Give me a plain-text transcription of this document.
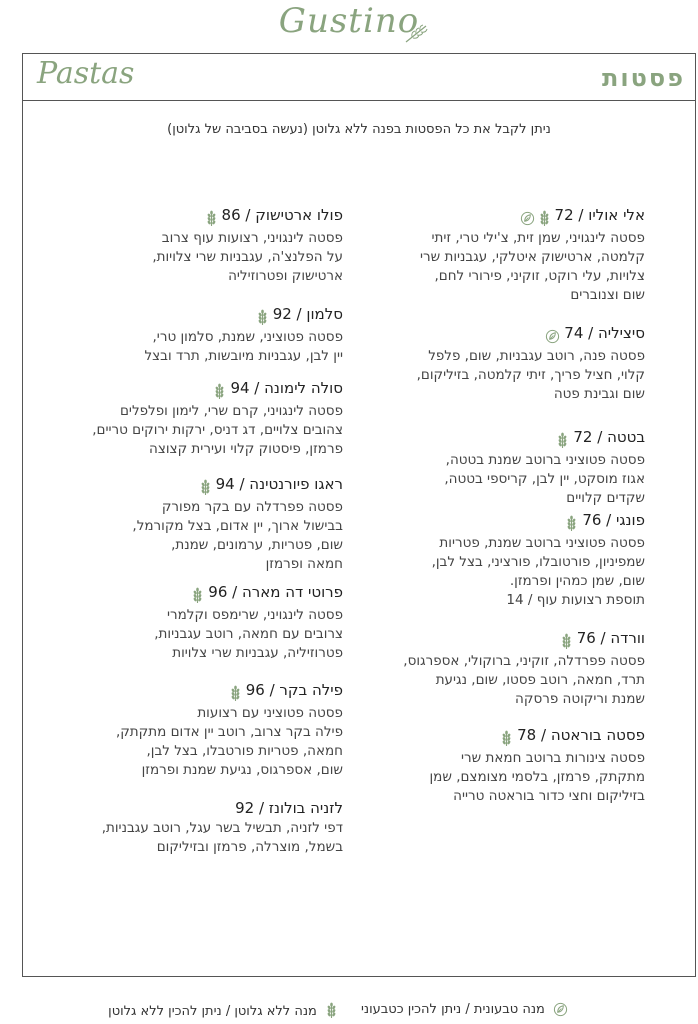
Gustino
Pastas	פסטות
ניתן לקבל את כל הפסטות בפנה ללא גלוטן (נעשה בסביבה של גלוטן)
אלי אוליו / 72
פסטה לינגויני, שמן זית, צ'ילי טרי, זיתי
קלמטה, ארטישוק איטלקי, עגבניות שרי
צלויות, עלי רוקט, זוקיני, פירורי לחם,
שום וצנוברים
סיציליה / 74
פסטה פנה, רוטב עגבניות, שום, פלפל
קלוי, חציל פריך, זיתי קלמטה, בזיליקום,
שום וגבינת פטה
בטטה / 72
פסטה פטוציני ברוטב שמנת בטטה,
אגוז מוסקט, יין לבן, קריספי בטטה,
שקדים קלויים
פונגי / 76
פסטה פטוציני ברוטב שמנת, פטריות
שמפיניון, פורטובלו, פורציני, בצל לבן,
שום, שמן כמהין ופרמזן.
תוספת רצועות עוף / 14
וורדה / 76
פסטה פפרדלה, זוקיני, ברוקולי, אספרגוס,
תרד, חמאה, רוטב פסטו, שום, נגיעת
שמנת וריקוטה פרסקה
פסטה בוראטה / 78
פסטה צינורות ברוטב חמאת שרי
מתקתק, פרמזן, בלסמי מצומצם, שמן
בזיליקום וחצי כדור בוראטה טרייה
פולו ארטישוק / 86
פסטה לינגויני, רצועות עוף צרוב
על הפלנצ'ה, עגבניות שרי צלויות,
ארטישוק ופטרוזיליה
סלמון / 92
פסטה פטוציני, שמנת, סלמון טרי,
יין לבן, עגבניות מיובשות, תרד ובצל
סולה לימונה / 94
פסטה לינגויני, קרם שרי, לימון ופלפלים
צהובים צלויים, דג דניס, ירקות ירוקים טריים,
פרמזן, פיסטוק קלוי ועירית קצוצה
ראגו פיורנטינה / 94
פסטה פפרדלה עם בקר מפורק
בבישול ארוך, יין אדום, בצל מקורמל,
שום, פטריות, ערמונים, שמנת,
חמאה ופרמזן
פרוטי דה מארה / 96
פסטה לינגויני, שרימפס וקלמרי
צרובים עם חמאה, רוטב עגבניות,
פטרוזיליה, עגבניות שרי צלויות
פילה בקר / 96
פסטה פטוציני עם רצועות
פילה בקר צרוב, רוטב יין אדום מתקתק,
חמאה, פטריות פורטבלו, בצל לבן,
שום, אספרגוס, נגיעת שמנת ופרמזן
לזניה בולונז / 92
דפי לזניה, תבשיל בשר עגל, רוטב עגבניות,
בשמל, מוצרלה, פרמזן ובזיליקום
מנה טבעונית / ניתן להכין כטבעוני
מנה ללא גלוטן / ניתן להכין ללא גלוטן
